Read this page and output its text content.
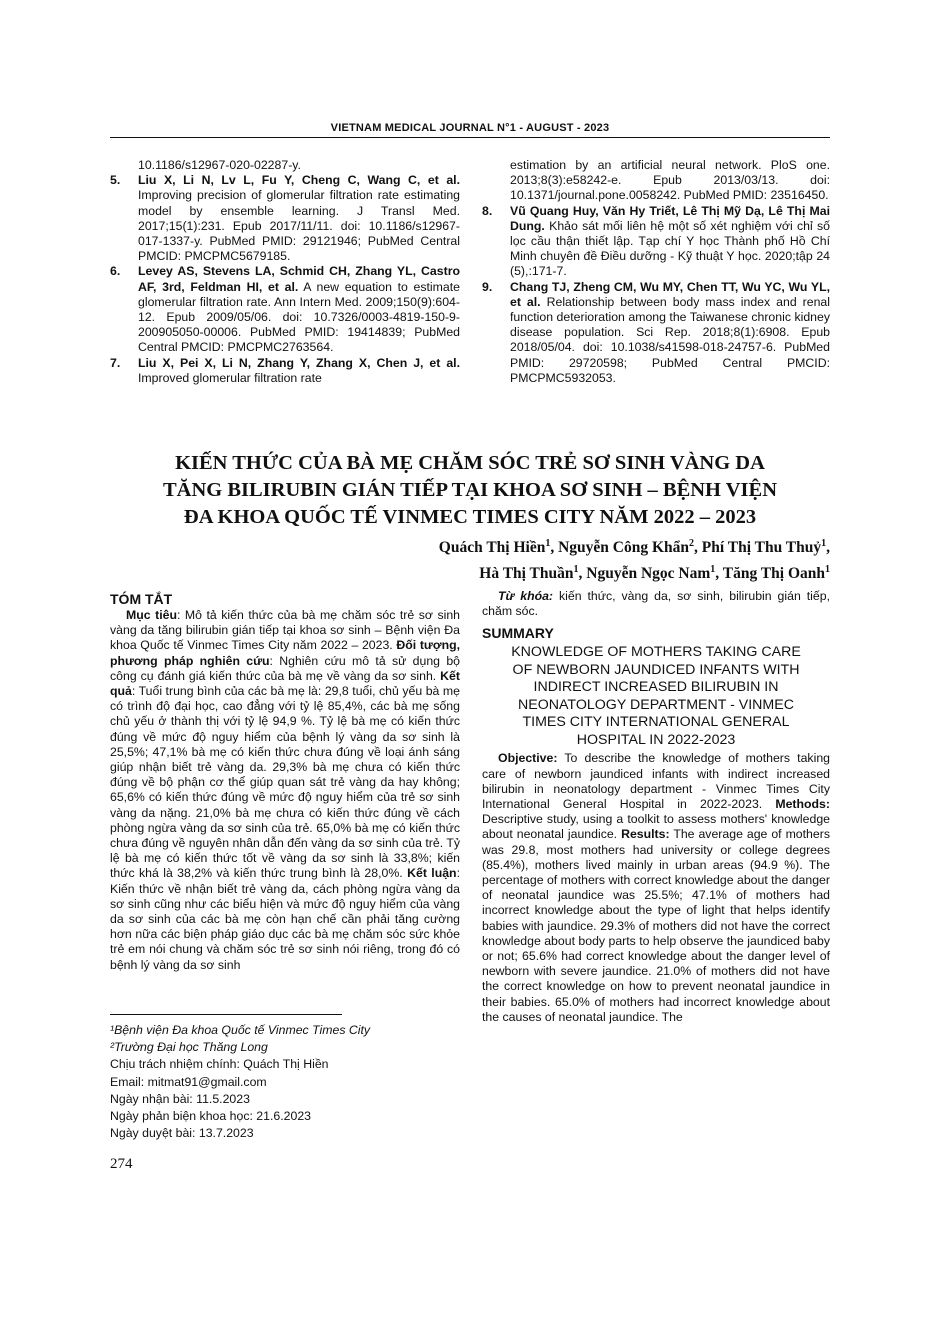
VIETNAM MEDICAL JOURNAL N°1 - AUGUST - 2023
10.1186/s12967-020-02287-y.
5.	Liu X, Li N, Lv L, Fu Y, Cheng C, Wang C, et al. Improving precision of glomerular filtration rate estimating model by ensemble learning. J Transl Med. 2017;15(1):231. Epub 2017/11/11. doi: 10.1186/s12967-017-1337-y. PubMed PMID: 29121946; PubMed Central PMCID: PMCPMC5679185.
6.	Levey AS, Stevens LA, Schmid CH, Zhang YL, Castro AF, 3rd, Feldman HI, et al. A new equation to estimate glomerular filtration rate. Ann Intern Med. 2009;150(9):604-12. Epub 2009/05/06. doi: 10.7326/0003-4819-150-9-200905050-00006. PubMed PMID: 19414839; PubMed Central PMCID: PMCPMC2763564.
7.	Liu X, Pei X, Li N, Zhang Y, Zhang X, Chen J, et al. Improved glomerular filtration rate
estimation by an artificial neural network. PloS one. 2013;8(3):e58242-e. Epub 2013/03/13. doi: 10.1371/journal.pone.0058242. PubMed PMID: 23516450.
8.	Vũ Quang Huy, Văn Hy Triết, Lê Thị Mỹ Dạ, Lê Thị Mai Dung. Khảo sát mối liên hệ một số xét nghiệm với chỉ số lọc cầu thận thiết lập. Tạp chí Y học Thành phố Hồ Chí Minh chuyên đề Điều dưỡng - Kỹ thuật Y học. 2020;tập 24 (5),:171-7.
9.	Chang TJ, Zheng CM, Wu MY, Chen TT, Wu YC, Wu YL, et al. Relationship between body mass index and renal function deterioration among the Taiwanese chronic kidney disease population. Sci Rep. 2018;8(1):6908. Epub 2018/05/04. doi: 10.1038/s41598-018-24757-6. PubMed PMID: 29720598; PubMed Central PMCID: PMCPMC5932053.
KIẾN THỨC CỦA BÀ MẸ CHĂM SÓC TRẺ SƠ SINH VÀNG DA
TĂNG BILIRUBIN GIÁN TIẾP TẠI KHOA SƠ SINH – BỆNH VIỆN
ĐA KHOA QUỐC TẾ VINMEC TIMES CITY NĂM 2022 – 2023
Quách Thị Hiền$^1$, Nguyễn Công Khẩn$^2$, Phí Thị Thu Thuỷ$^1$,
Hà Thị Thuần$^1$, Nguyễn Ngọc Nam$^1$, Tăng Thị Oanh$^1$
TÓM TẮT
Mục tiêu: Mô tả kiến thức của bà mẹ chăm sóc trẻ sơ sinh vàng da tăng bilirubin gián tiếp tại khoa sơ sinh – Bệnh viện Đa khoa Quốc tế Vinmec Times City năm 2022 – 2023. Đối tượng, phương pháp nghiên cứu: Nghiên cứu mô tả sử dụng bộ công cụ đánh giá kiến thức của bà mẹ về vàng da sơ sinh. Kết quả: Tuổi trung bình của các bà mẹ là: 29,8 tuổi, chủ yếu bà mẹ có trình độ đại học, cao đẳng với tỷ lệ 85,4%, các bà mẹ sống chủ yếu ở thành thị với tỷ lệ 94,9 %. Tỷ lệ bà mẹ có kiến thức đúng về mức độ nguy hiểm của bệnh lý vàng da sơ sinh là 25,5%; 47,1% bà mẹ có kiến thức chưa đúng về loại ánh sáng giúp nhận biết trẻ vàng da. 29,3% bà mẹ chưa có kiến thức đúng về bộ phận cơ thể giúp quan sát trẻ vàng da hay không; 65,6% có kiến thức đúng về mức độ nguy hiểm của trẻ sơ sinh vàng da nặng. 21,0% bà mẹ chưa có kiến thức đúng về cách phòng ngừa vàng da sơ sinh của trẻ. 65,0% bà mẹ có kiến thức chưa đúng về nguyên nhân dẫn đến vàng da sơ sinh của trẻ. Tỷ lệ bà mẹ có kiến thức tốt về vàng da sơ sinh là 33,8%; kiến thức khá là 38,2% và kiến thức trung bình là 28,0%. Kết luận: Kiến thức về nhận biết trẻ vàng da, cách phòng ngừa vàng da sơ sinh cũng như các biểu hiện và mức độ nguy hiểm của vàng da sơ sinh của các bà mẹ còn hạn chế cần phải tăng cường hơn nữa các biện pháp giáo dục các bà mẹ chăm sóc sức khỏe trẻ em nói chung và chăm sóc trẻ sơ sinh nói riêng, trong đó có bệnh lý vàng da sơ sinh
Từ khóa: kiến thức, vàng da, sơ sinh, bilirubin gián tiếp, chăm sóc.
SUMMARY
KNOWLEDGE OF MOTHERS TAKING CARE
OF NEWBORN JAUNDICED INFANTS WITH
INDIRECT INCREASED BILIRUBIN IN
NEONATOLOGY DEPARTMENT - VINMEC
TIMES CITY INTERNATIONAL GENERAL
HOSPITAL IN 2022-2023
Objective: To describe the knowledge of mothers taking care of newborn jaundiced infants with indirect increased bilirubin in neonatology department - Vinmec Times City International General Hospital in 2022-2023. Methods: Descriptive study, using a toolkit to assess mothers' knowledge about neonatal jaundice. Results: The average age of mothers was 29.8, most mothers had university or college degrees (85.4%), mothers lived mainly in urban areas (94.9 %). The percentage of mothers with correct knowledge about the danger of neonatal jaundice was 25.5%; 47.1% of mothers had incorrect knowledge about the type of light that helps identify babies with jaundice. 29.3% of mothers did not have the correct knowledge about body parts to help observe the jaundiced baby or not; 65.6% had correct knowledge about the danger level of newborn with severe jaundice. 21.0% of mothers did not have the correct knowledge on how to prevent neonatal jaundice in their babies. 65.0% of mothers had incorrect knowledge about the causes of neonatal jaundice. The
¹Bệnh viện Đa khoa Quốc tế Vinmec Times City
²Trường Đại học Thăng Long
Chịu trách nhiệm chính: Quách Thị Hiền
Email: mitmat91@gmail.com
Ngày nhận bài: 11.5.2023
Ngày phản biện khoa học: 21.6.2023
Ngày duyệt bài: 13.7.2023
274
